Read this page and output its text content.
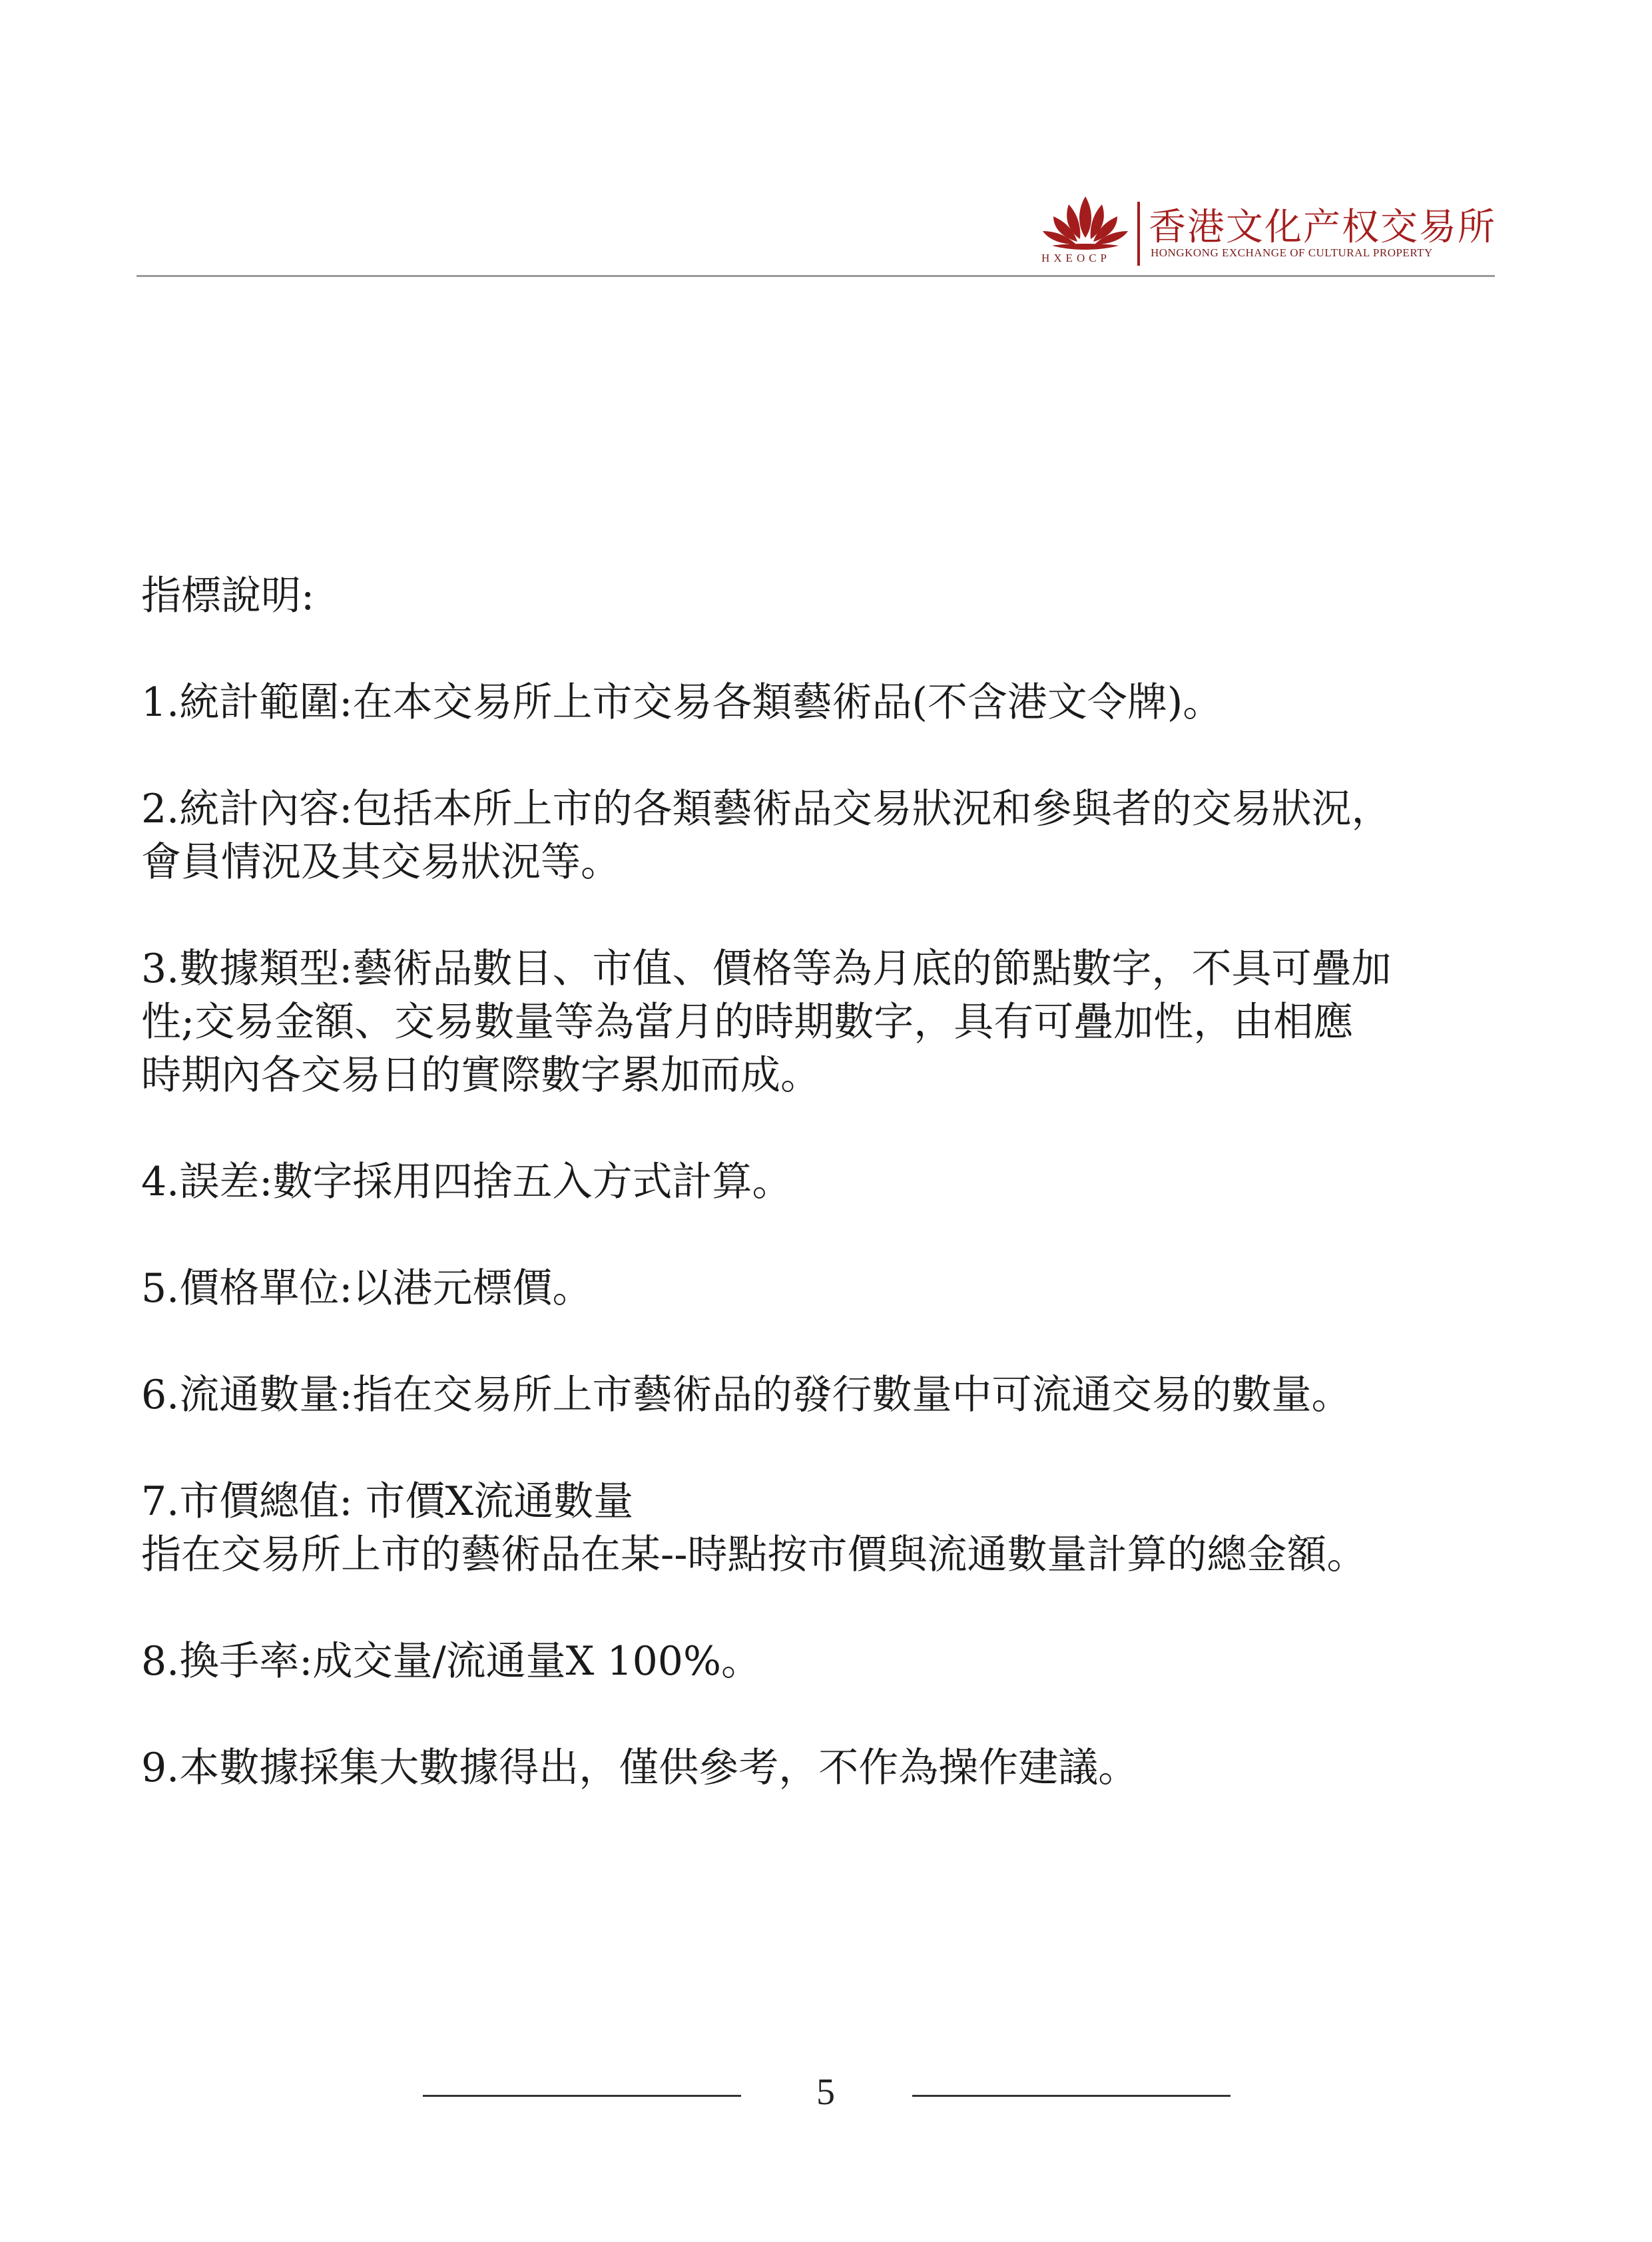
HXEOCP
香港文化产权交易所
HONGKONG EXCHANGE OF CULTURAL PROPERTY
指標說明:

1.統計範圍:在本交易所上市交易各類藝術品(不含港文令牌)。

2.統計內容:包括本所上市的各類藝術品交易狀況和參與者的交易狀況，

會員情況及其交易狀況等。

3.數據類型:藝術品數目、市值、價格等為月底的節點數字，不具可疊加

性;交易金額、交易數量等為當月的時期數字，具有可疊加性，由相應

時期內各交易日的實際數字累加而成。

4.誤差:數字採用四捨五入方式計算。

5.價格單位:以港元標價。

6.流通數量:指在交易所上市藝術品的發行數量中可流通交易的數量。

7.市價總值: 市價X流通數量

指在交易所上市的藝術品在某--時點按市價與流通數量計算的總金額。

8.換手率:成交量/流通量X 100%。

9.本數據採集大數據得出，僅供參考，不作為操作建議。

5
